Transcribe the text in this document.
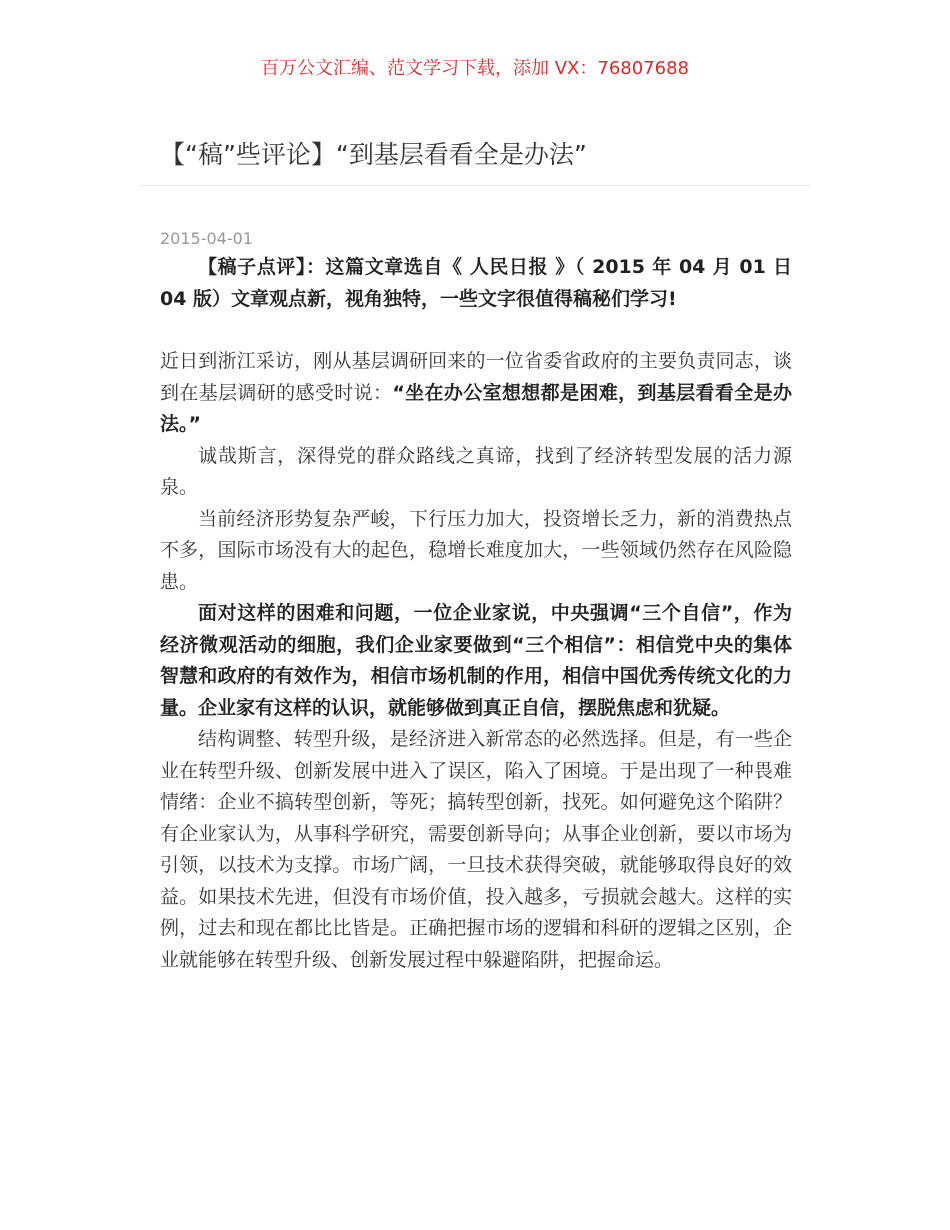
百万公文汇编、范文学习下载，添加 VX：76807688
【“稿”些评论】“到基层看看全是办法”
2015-04-01

【稿子点评】：这篇文章选自《 人民日报 》（ 2015 年 04 月 01 日 04 版）文章观点新，视角独特，一些文字很值得稿秘们学习!

近日到浙江采访，刚从基层调研回来的一位省委省政府的主要负责同志，谈到在基层调研的感受时说：“坐在办公室想想都是困难，到基层看看全是办法。”

诚哉斯言，深得党的群众路线之真谛，找到了经济转型发展的活力源泉。

当前经济形势复杂严峻，下行压力加大，投资增长乏力，新的消费热点不多，国际市场没有大的起色，稳增长难度加大，一些领域仍然存在风险隐患。

面对这样的困难和问题，一位企业家说，中央强调“三个自信”，作为经济微观活动的细胞，我们企业家要做到“三个相信”：相信党中央的集体智慧和政府的有效作为，相信市场机制的作用，相信中国优秀传统文化的力量。企业家有这样的认识，就能够做到真正自信，摆脱焦虑和犹疑。

结构调整、转型升级，是经济进入新常态的必然选择。但是，有一些企业在转型升级、创新发展中进入了误区，陷入了困境。于是出现了一种畏难情绪：企业不搞转型创新，等死；搞转型创新，找死。如何避免这个陷阱？有企业家认为，从事科学研究，需要创新导向；从事企业创新，要以市场为引领，以技术为支撑。市场广阔，一旦技术获得突破，就能够取得良好的效益。如果技术先进，但没有市场价值，投入越多，亏损就会越大。这样的实例，过去和现在都比比皆是。正确把握市场的逻辑和科研的逻辑之区别，企业就能够在转型升级、创新发展过程中躲避陷阱，把握命运。
